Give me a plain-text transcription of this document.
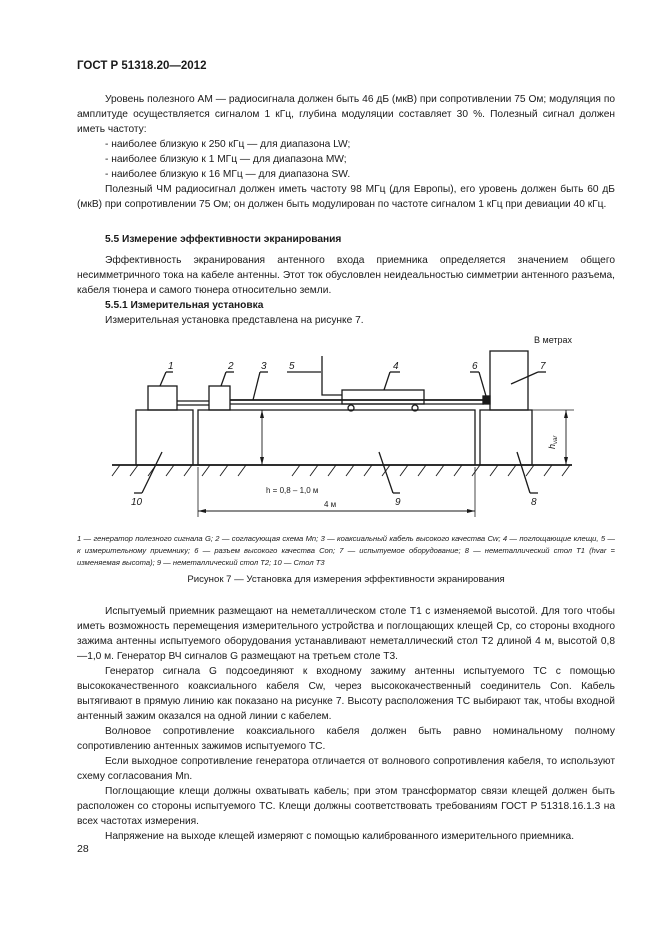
ГОСТ Р 51318.20—2012

Уровень полезного АМ — радиосигнала должен быть 46 дБ (мкВ) при сопротивлении 75 Ом; модуляция по амплитуде осуществляется сигналом 1 кГц, глубина модуляции составляет 30 %. Полезный сигнал должен иметь частоту:

- наиболее близкую к 250 кГц — для диапазона LW;

- наиболее близкую к 1 МГц — для диапазона MW;

- наиболее близкую к 16 МГц — для диапазона SW.

Полезный ЧМ радиосигнал должен иметь частоту 98 МГц (для Европы), его уровень должен быть 60 дБ (мкВ) при сопротивлении 75 Ом; он должен быть модулирован по частоте сигналом 1 кГц при девиации 40 кГц.

5.5 Измерение эффективности экранирования

Эффективность экранирования антенного входа приемника определяется значением общего несимметричного тока на кабеле антенны. Этот ток обусловлен неидеальностью симметрии антенного разъема, кабеля тюнера и самого тюнера относительно земли.

5.5.1 Измерительная установка

Измерительная установка представлена на рисунке 7.

В метрах
1	2	3 5	4	6	7
10	9	8
h = 0,8 – 1,0 м
4 м
$h_{var}$
1 — генератор полезного сигнала G; 2 — согласующая схема Mn; 3 — коаксиальный кабель высокого качества Cw; 4 — поглощающие клещи, 5 — к измерительному приемнику; 6 — разъем высокого качества Con; 7 — испытуемое оборудование; 8 — неметаллический стол T1 (hvar = изменяемая высота); 9 — неметаллический стол T2; 10 — Стол T3
Рисунок 7 — Установка для измерения эффективности экранирования

Испытуемый приемник размещают на неметаллическом столе T1 с изменяемой высотой. Для того чтобы иметь возможность перемещения измерительного устройства и поглощающих клещей Cp, со стороны входного зажима антенны испытуемого оборудования устанавливают неметаллический стол T2 длиной 4 м, высотой 0,8—1,0 м. Генератор ВЧ сигналов G размещают на третьем столе T3.

Генератор сигнала G подсоединяют к входному зажиму антенны испытуемого ТС с помощью высококачественного коаксиального кабеля Cw, через высококачественный соединитель Con. Кабель вытягивают в прямую линию как показано на рисунке 7. Высоту расположения ТС выбирают так, чтобы входной антенный зажим оказался на одной линии с кабелем.

Волновое сопротивление коаксиального кабеля должен быть равно номинальному полному сопротивлению антенных зажимов испытуемого ТС.

Если выходное сопротивление генератора отличается от волнового сопротивления кабеля, то используют схему согласования Mn.

Поглощающие клещи должны охватывать кабель; при этом трансформатор связи клещей должен быть расположен со стороны испытуемого ТС. Клещи должны соответствовать требованиям ГОСТ Р 51318.16.1.3 на всех частотах измерения.

Напряжение на выходе клещей измеряют с помощью калиброванного измерительного приемника.

28
